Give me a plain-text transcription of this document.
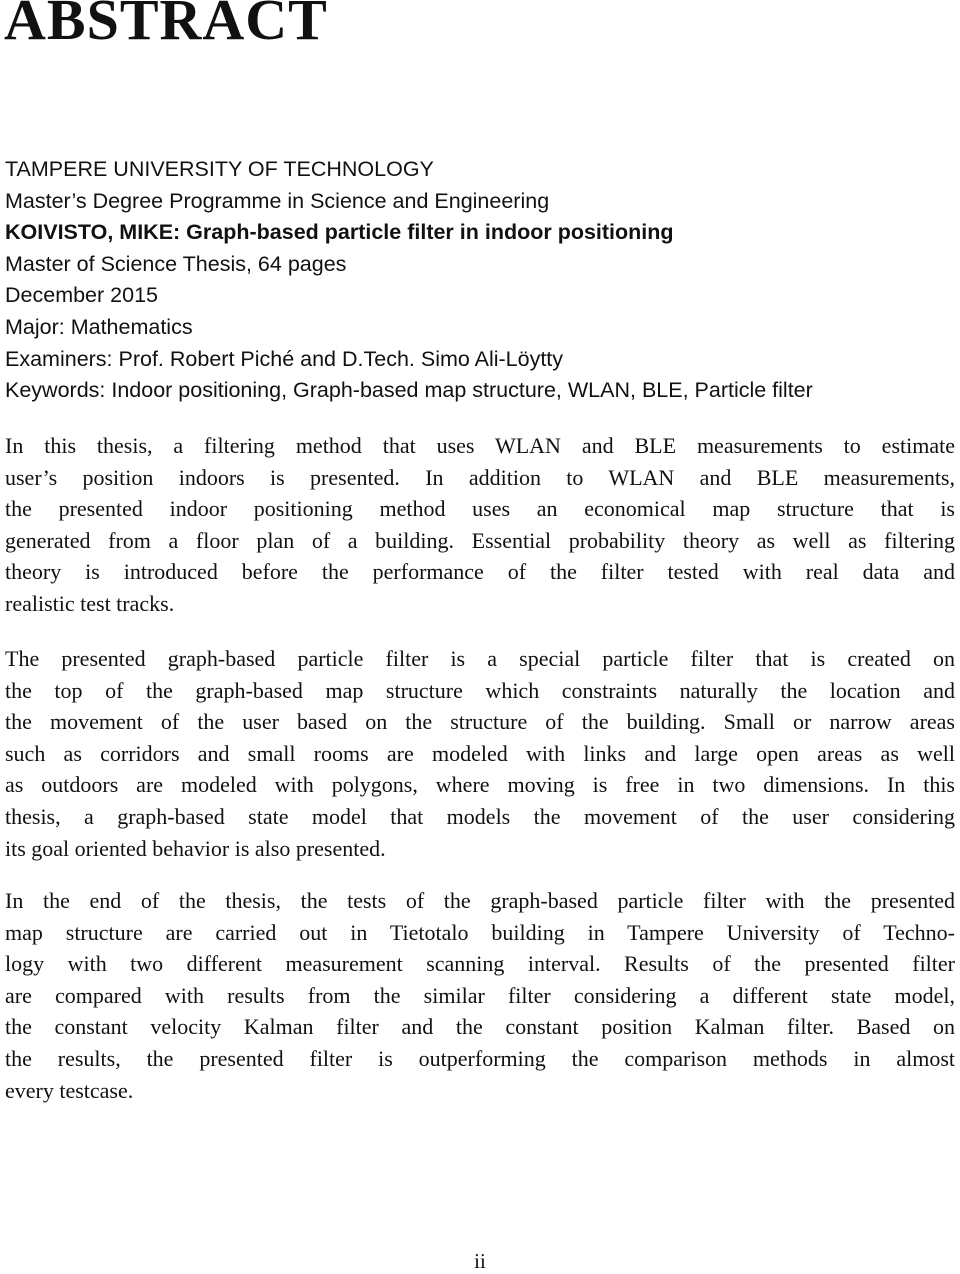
ABSTRACT
TAMPERE UNIVERSITY OF TECHNOLOGY
Master’s Degree Programme in Science and Engineering
KOIVISTO, MIKE: Graph-based particle filter in indoor positioning
Master of Science Thesis, 64 pages
December 2015
Major: Mathematics
Examiners: Prof. Robert Piché and D.Tech. Simo Ali-Löytty
Keywords: Indoor positioning, Graph-based map structure, WLAN, BLE, Particle filter
In this thesis, a filtering method that uses WLAN and BLE measurements to estimate
user’s position indoors is presented. In addition to WLAN and BLE measurements,
the presented indoor positioning method uses an economical map structure that is
generated from a floor plan of a building. Essential probability theory as well as filtering
theory is introduced before the performance of the filter tested with real data and
realistic test tracks.
The presented graph-based particle filter is a special particle filter that is created on
the top of the graph-based map structure which constraints naturally the location and
the movement of the user based on the structure of the building. Small or narrow areas
such as corridors and small rooms are modeled with links and large open areas as well
as outdoors are modeled with polygons, where moving is free in two dimensions. In this
thesis, a graph-based state model that models the movement of the user considering
its goal oriented behavior is also presented.
In the end of the thesis, the tests of the graph-based particle filter with the presented
map structure are carried out in Tietotalo building in Tampere University of Techno-
logy with two different measurement scanning interval. Results of the presented filter
are compared with results from the similar filter considering a different state model,
the constant velocity Kalman filter and the constant position Kalman filter. Based on
the results, the presented filter is outperforming the comparison methods in almost
every testcase.
ii
